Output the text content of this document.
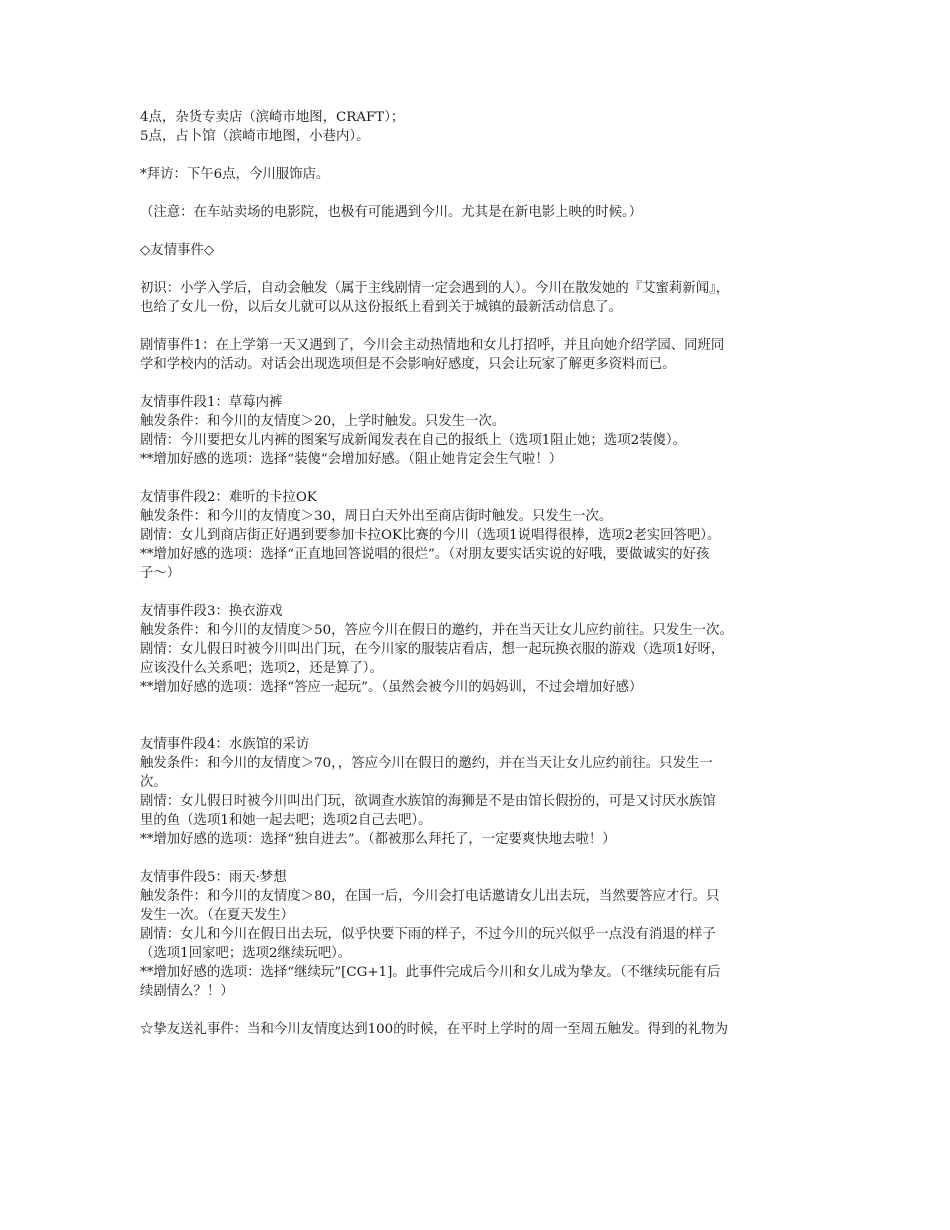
4点，杂货专卖店（滨崎市地图，CRAFT）；

5点，占卜馆（滨崎市地图，小巷内）。

*拜访：下午6点，今川服饰店。

（注意：在车站卖场的电影院，也极有可能遇到今川。尤其是在新电影上映的时候。）

◇友情事件◇

初识：小学入学后，自动会触发（属于主线剧情一定会遇到的人）。今川在散发她的『艾蜜莉新闻』，

也给了女儿一份，以后女儿就可以从这份报纸上看到关于城镇的最新活动信息了。

剧情事件1：在上学第一天又遇到了，今川会主动热情地和女儿打招呼，并且向她介绍学园、同班同

学和学校内的活动。对话会出现选项但是不会影响好感度，只会让玩家了解更多资料而已。

友情事件段1：草莓内裤

触发条件：和今川的友情度＞20，上学时触发。只发生一次。

剧情：今川要把女儿内裤的图案写成新闻发表在自己的报纸上（选项1阻止她；选项2装傻）。

**增加好感的选项：选择“装傻”会增加好感。（阻止她肯定会生气啦！）

友情事件段2：难听的卡拉OK

触发条件：和今川的友情度＞30，周日白天外出至商店街时触发。只发生一次。

剧情：女儿到商店街正好遇到要参加卡拉OK比赛的今川（选项1说唱得很棒，选项2老实回答吧）。

**增加好感的选项：选择“正直地回答说唱的很烂”。（对朋友要实话实说的好哦，要做诚实的好孩

子～）

友情事件段3：换衣游戏

触发条件：和今川的友情度＞50，答应今川在假日的邀约，并在当天让女儿应约前往。只发生一次。

剧情：女儿假日时被今川叫出门玩，在今川家的服装店看店，想一起玩换衣服的游戏（选项1好呀，

应该没什么关系吧；选项2，还是算了）。

**增加好感的选项：选择“答应一起玩”。（虽然会被今川的妈妈训，不过会增加好感）

友情事件段4：水族馆的采访

触发条件：和今川的友情度＞70，，答应今川在假日的邀约，并在当天让女儿应约前往。只发生一

次。

剧情：女儿假日时被今川叫出门玩，欲调查水族馆的海狮是不是由馆长假扮的，可是又讨厌水族馆

里的鱼（选项1和她一起去吧；选项2自己去吧）。

**增加好感的选项：选择“独自进去”。（都被那么拜托了，一定要爽快地去啦！）

友情事件段5：雨天·梦想

触发条件：和今川的友情度＞80，在国一后，今川会打电话邀请女儿出去玩，当然要答应才行。只

发生一次。（在夏天发生）

剧情：女儿和今川在假日出去玩，似乎快要下雨的样子，不过今川的玩兴似乎一点没有消退的样子

（选项1回家吧；选项2继续玩吧）。

**增加好感的选项：选择“继续玩”[CG+1]。此事件完成后今川和女儿成为挚友。（不继续玩能有后

续剧情么？！）

☆挚友送礼事件：当和今川友情度达到100的时候，在平时上学时的周一至周五触发。得到的礼物为
